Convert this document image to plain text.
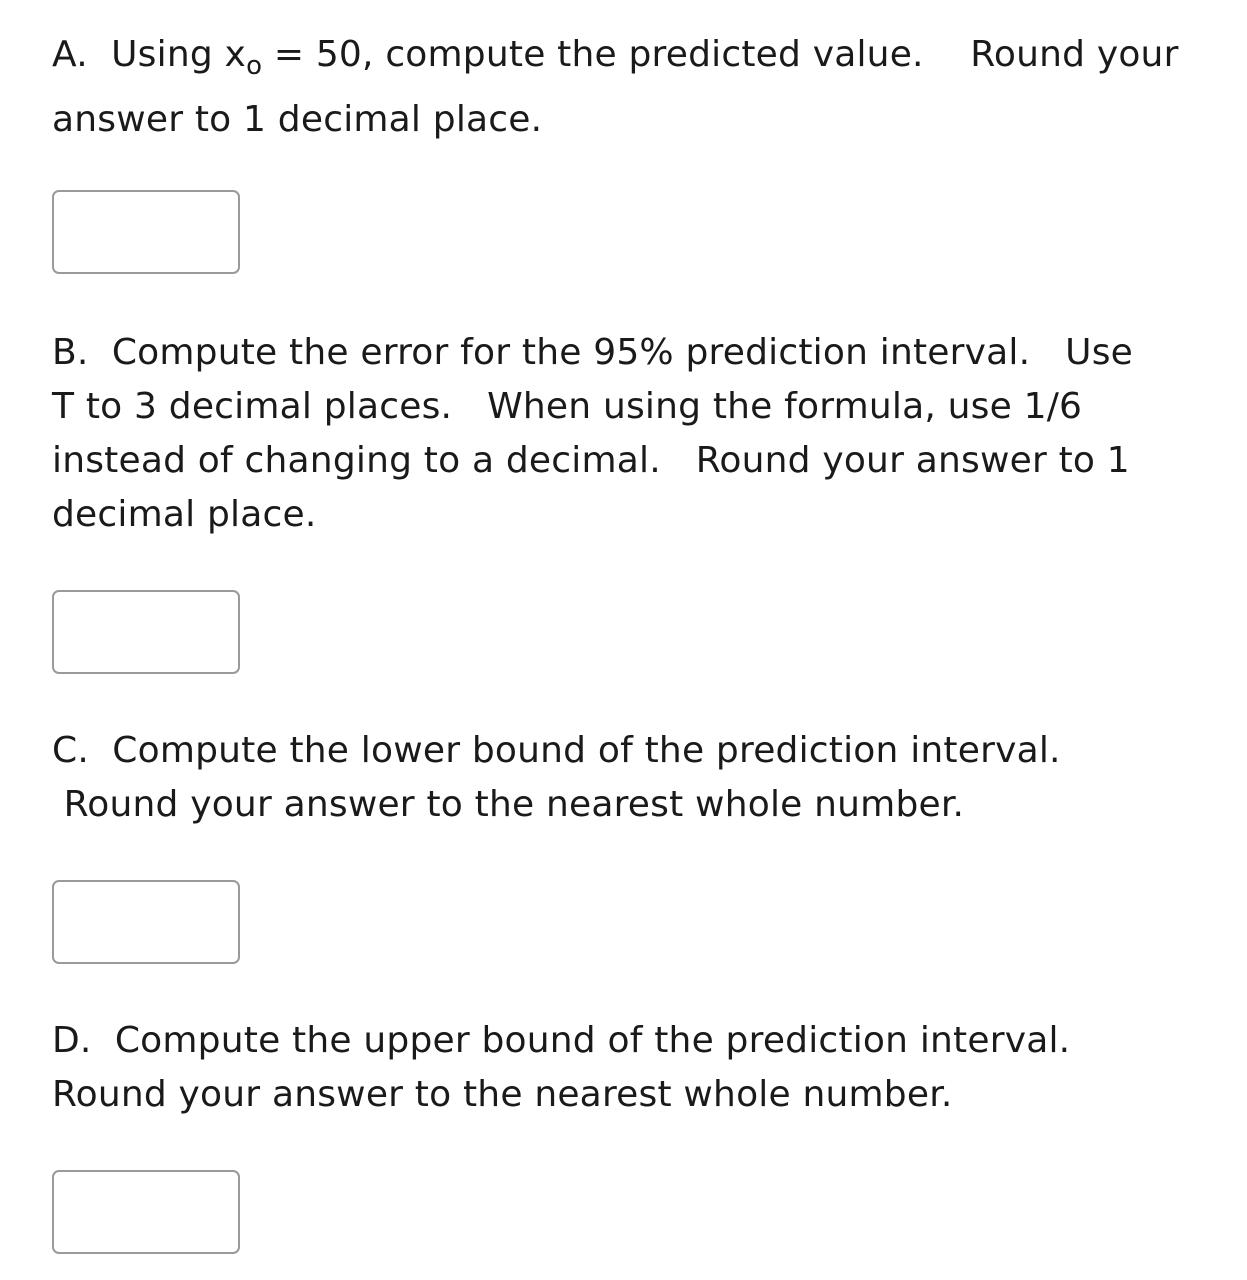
A.  Using $x_o = 50$, compute the predicted value.    Round your
answer to 1 decimal place.
B.  Compute the error for the 95% prediction interval.   Use
T to 3 decimal places.   When using the formula, use 1/6
instead of changing to a decimal.   Round your answer to 1
decimal place.
C.  Compute the lower bound of the prediction interval.
Round your answer to the nearest whole number.
D.  Compute the upper bound of the prediction interval.
Round your answer to the nearest whole number.
